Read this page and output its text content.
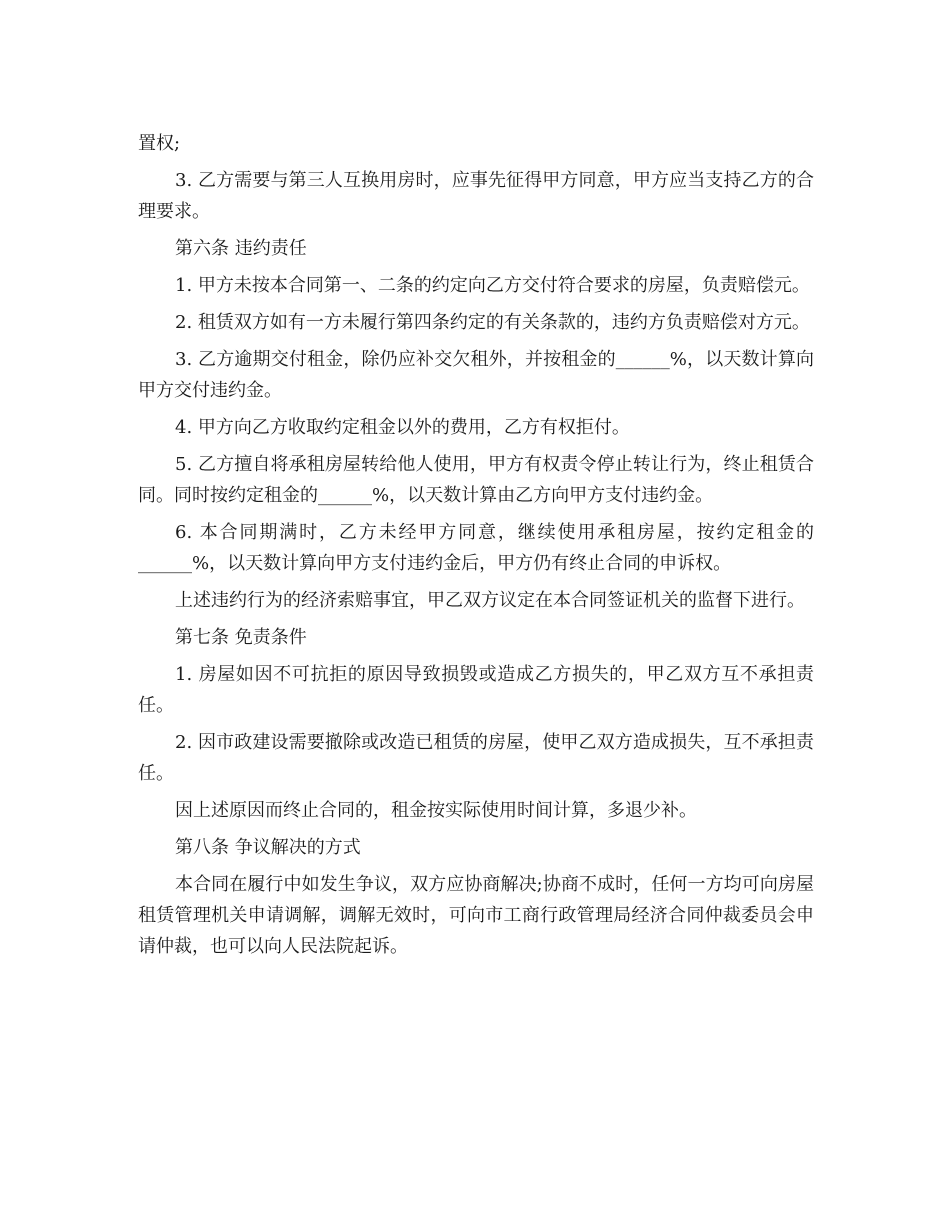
置权;

3. 乙方需要与第三人互换用房时，应事先征得甲方同意，甲方应当支持乙方的合理要求。

第六条 违约责任

1. 甲方未按本合同第一、二条的约定向乙方交付符合要求的房屋，负责赔偿元。

2. 租赁双方如有一方未履行第四条约定的有关条款的，违约方负责赔偿对方元。

3. 乙方逾期交付租金，除仍应补交欠租外，并按租金的______%，以天数计算向甲方交付违约金。

4. 甲方向乙方收取约定租金以外的费用，乙方有权拒付。

5. 乙方擅自将承租房屋转给他人使用，甲方有权责令停止转让行为，终止租赁合同。同时按约定租金的______%，以天数计算由乙方向甲方支付违约金。

6. 本合同期满时，乙方未经甲方同意，继续使用承租房屋，按约定租金的______%，以天数计算向甲方支付违约金后，甲方仍有终止合同的申诉权。

上述违约行为的经济索赔事宜，甲乙双方议定在本合同签证机关的监督下进行。

第七条 免责条件

1. 房屋如因不可抗拒的原因导致损毁或造成乙方损失的，甲乙双方互不承担责任。

2. 因市政建设需要撤除或改造已租赁的房屋，使甲乙双方造成损失，互不承担责任。

因上述原因而终止合同的，租金按实际使用时间计算，多退少补。

第八条 争议解决的方式

本合同在履行中如发生争议，双方应协商解决;协商不成时，任何一方均可向房屋租赁管理机关申请调解，调解无效时，可向市工商行政管理局经济合同仲裁委员会申请仲裁，也可以向人民法院起诉。
